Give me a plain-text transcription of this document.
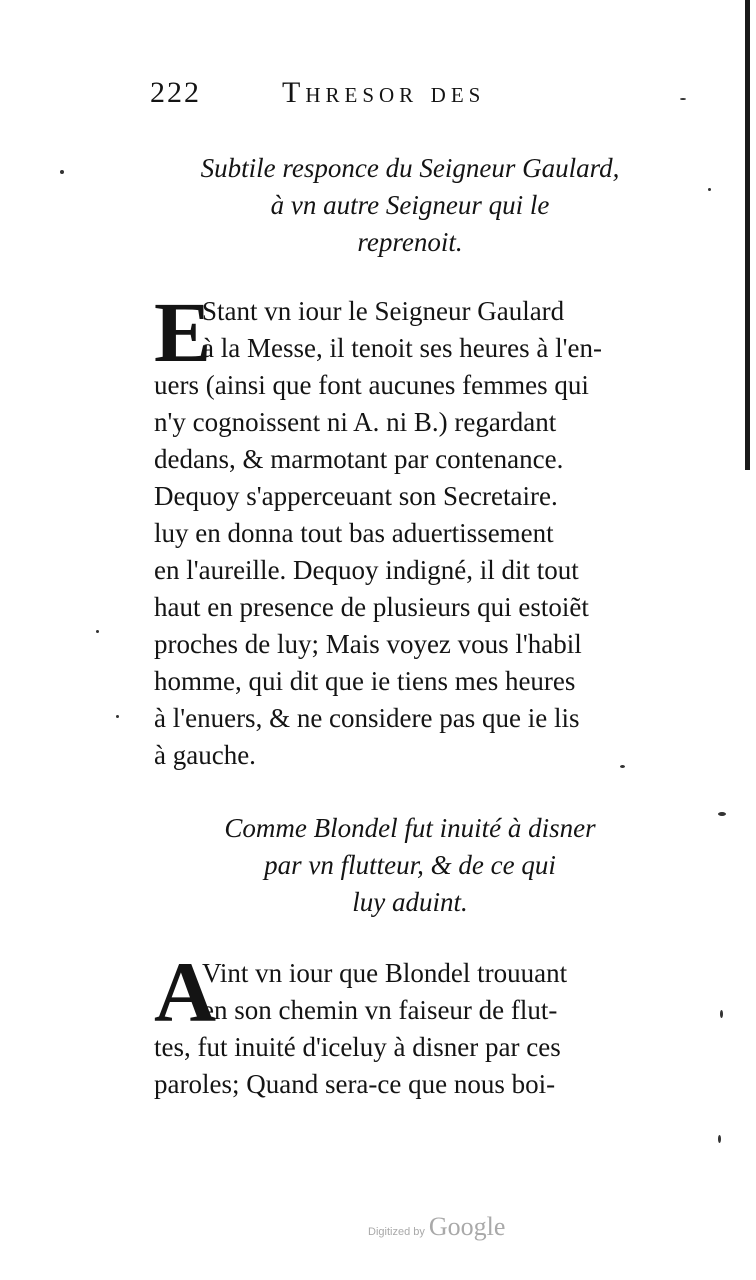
222	Thresor des
Subtile responce du Seigneur Gaulard,
à vn autre Seigneur qui le
reprenoit.
E
Stant vn iour le Seigneur Gaulard
à la Messe, il tenoit ses heures à l'en-
uers (ainsi que font aucunes femmes qui
n'y cognoissent ni A. ni B.) regardant
dedans, & marmotant par contenance.
Dequoy s'apperceuant son Secretaire.
luy en donna tout bas aduertissement
en l'aureille. Dequoy indigné, il dit tout
haut en presence de plusieurs qui estoiẽt
proches de luy; Mais voyez vous l'habil
homme, qui dit que ie tiens mes heures
à l'enuers, & ne considere pas que ie lis
à gauche.
Comme Blondel fut inuité à disner
par vn flutteur, & de ce qui
luy aduint.
A
Vint vn iour que Blondel trouuant
en son chemin vn faiseur de flut-
tes, fut inuité d'iceluy à disner par ces
paroles; Quand sera-ce que nous boi-
Digitized by Google
